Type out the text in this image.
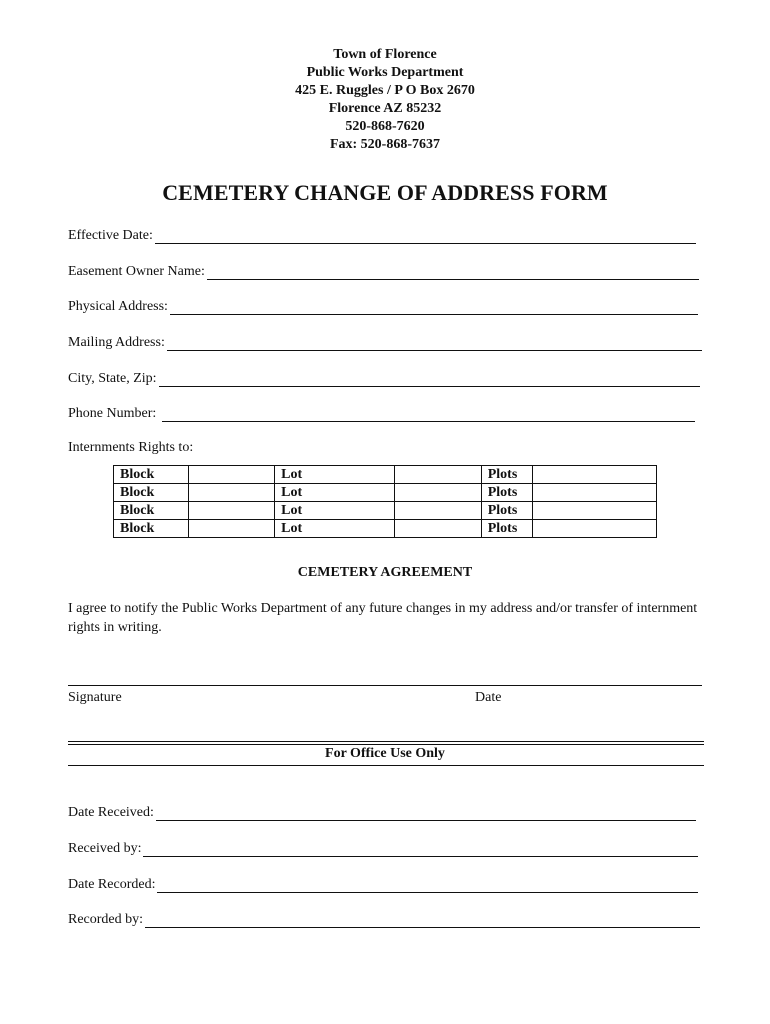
Town of Florence
Public Works Department
425 E. Ruggles / P O Box 2670
Florence AZ 85232
520-868-7620
Fax: 520-868-7637
CEMETERY CHANGE OF ADDRESS FORM
Effective Date:
Easement Owner Name:
Physical Address:
Mailing Address:
City, State, Zip:
Phone Number:
Internments Rights to:
Block		Lot		Plots	
Block		Lot		Plots	
Block		Lot		Plots	
Block		Lot		Plots	
CEMETERY AGREEMENT
I agree to notify the Public Works Department of any future changes in my address and/or transfer of internment rights in writing.
Signature	Date
For Office Use Only
Date Received:
Received by:
Date Recorded:
Recorded by:
